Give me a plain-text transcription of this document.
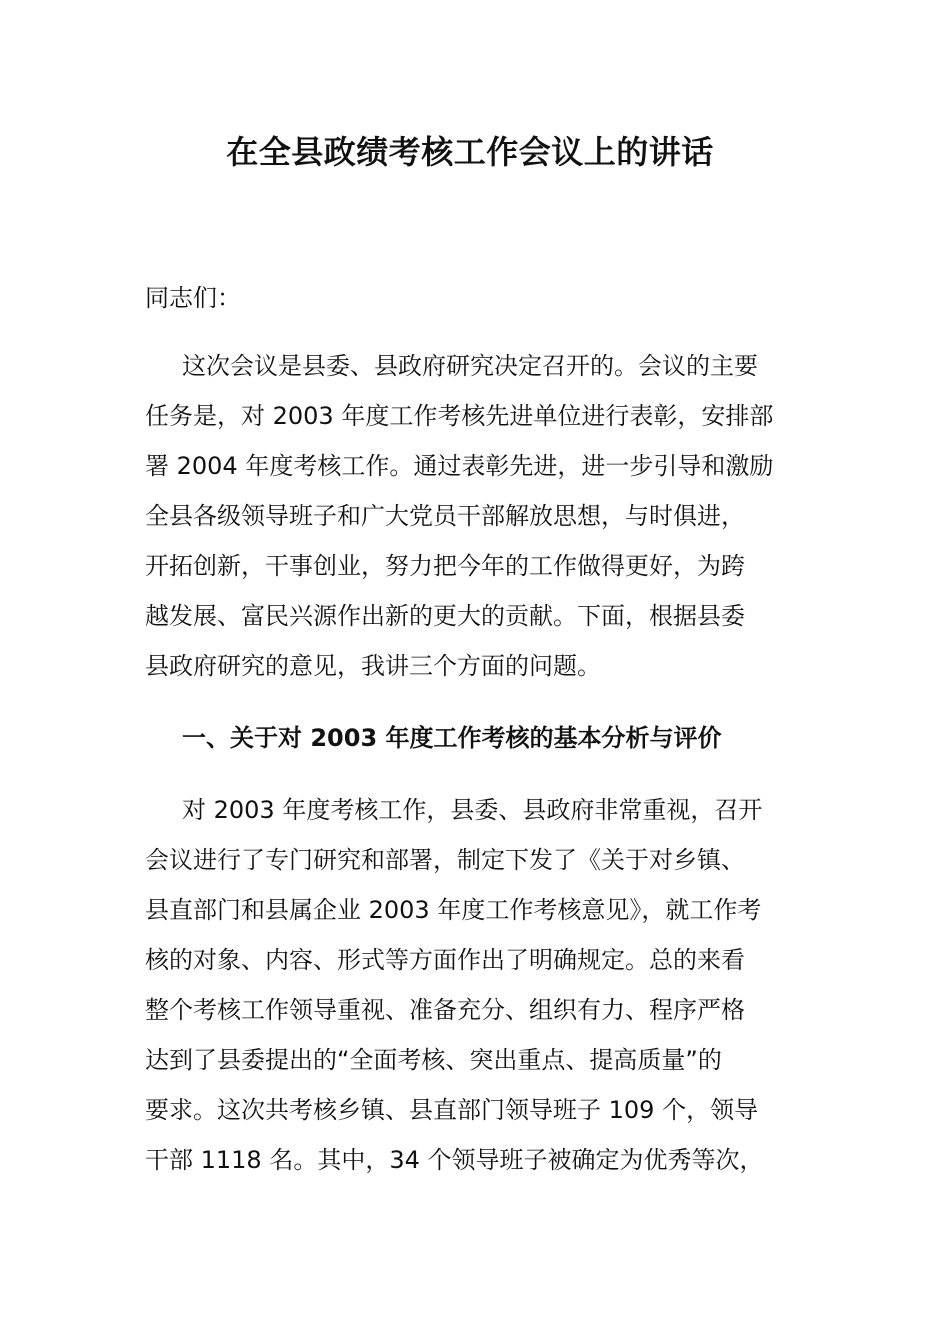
在全县政绩考核工作会议上的讲话
同志们：
这次会议是县委、县政府研究决定召开的。会议的主要
任务是，对 2003 年度工作考核先进单位进行表彰，安排部
署 2004 年度考核工作。通过表彰先进，进一步引导和激励
全县各级领导班子和广大党员干部解放思想，与时俱进，
开拓创新，干事创业，努力把今年的工作做得更好，为跨
越发展、富民兴源作出新的更大的贡献。下面，根据县委
县政府研究的意见，我讲三个方面的问题。
一、关于对 2003 年度工作考核的基本分析与评价
对 2003 年度考核工作，县委、县政府非常重视，召开
会议进行了专门研究和部署，制定下发了《关于对乡镇、
县直部门和县属企业 2003 年度工作考核意见》，就工作考
核的对象、内容、形式等方面作出了明确规定。总的来看
整个考核工作领导重视、准备充分、组织有力、程序严格
达到了县委提出的“全面考核、突出重点、提高质量”的
要求。这次共考核乡镇、县直部门领导班子 109 个，领导
干部 1118 名。其中，34 个领导班子被确定为优秀等次，
